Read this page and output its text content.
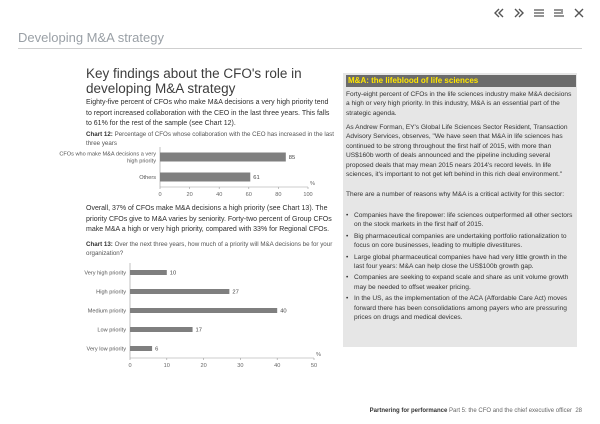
Developing M&A strategy
Key findings about the CFO's role in developing M&A strategy
Eighty-five percent of CFOs who make M&A decisions a very high priority tend to report increased collaboration with the CEO in the last three years. This falls to 61% for the rest of the sample (see Chart 12).
Chart 12: Percentage of CFOs whose collaboration with the CEO has increased in the last three years
0	20	40	60	80	100
%
85
CFOs who make M&A decisions a very
high priority
61
Others
Overall, 37% of CFOs make M&A decisions a high priority (see Chart 13). The priority CFOs give to M&A varies by seniority. Forty-two percent of Group CFOs make M&A a high or very high priority, compared with 33% for Regional CFOs.
Chart 13: Over the next three years, how much of a priority will M&A decisions be for your organization?
0	10	20	30	40	50
%
10
Very high priority
27
High priority
40
Medium priority
17
Low priority
6
Very low priority
M&A: the lifeblood of life sciences
Forty-eight percent of CFOs in the life sciences industry make M&A decisions a high or very high priority. In this industry, M&A is an essential part of the strategic agenda.
As Andrew Forman, EY's Global Life Sciences Sector Resident, Transaction Advisory Services, observes, "We have seen that M&A in life sciences has continued to be strong throughout the first half of 2015, with more than US$160b worth of deals announced and the pipeline including several proposed deals that may mean 2015 nears 2014's record levels. In life sciences, it's important to not get left behind in this rich deal environment."
There are a number of reasons why M&A is a critical activity for this sector:
• Companies have the firepower: life sciences outperformed all other sectors on the stock markets in the first half of 2015.
• Big pharmaceutical companies are undertaking portfolio rationalization to focus on core businesses, leading to multiple divestitures.
• Large global pharmaceutical companies have had very little growth in the last four years: M&A can help close the US$100b growth gap.
• Companies are seeking to expand scale and share as unit volume growth may be needed to offset weaker pricing.
• In the US, as the implementation of the ACA (Affordable Care Act) moves forward there has been consolidations among payers who are pressuring prices on drugs and medical devices.
Partnering for performance Part 5: the CFO and the chief executive officer 28
